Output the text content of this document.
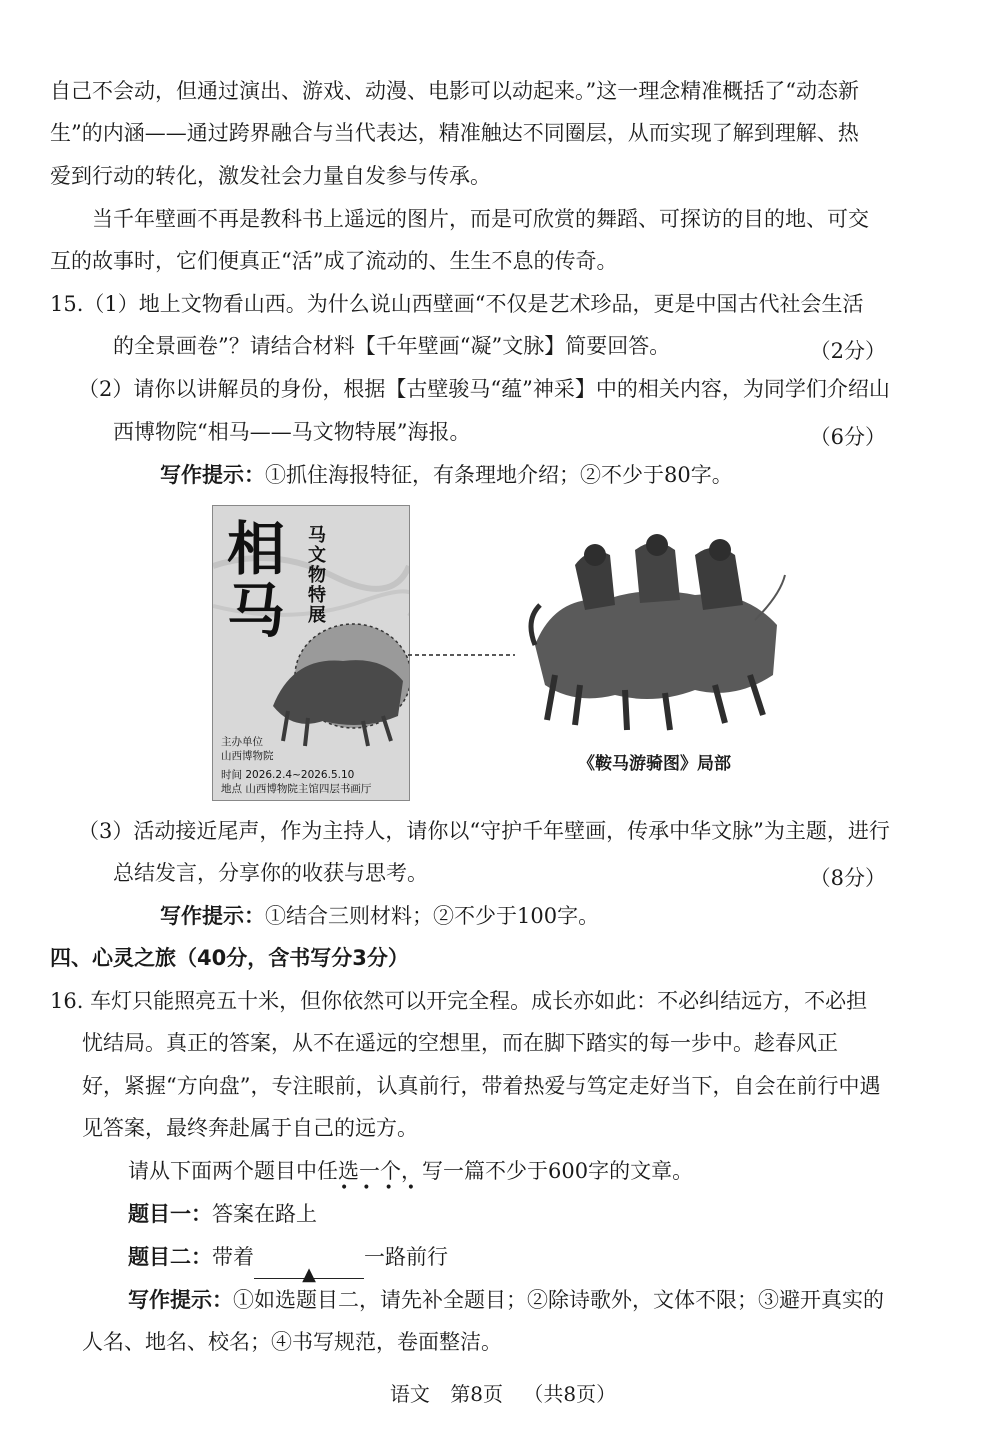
自己不会动，但通过演出、游戏、动漫、电影可以动起来。”这一理念精准概括了“动态新

生”的内涵——通过跨界融合与当代表达，精准触达不同圈层，从而实现了解到理解、热

爱到行动的转化，激发社会力量自发参与传承。

当千年壁画不再是教科书上遥远的图片，而是可欣赏的舞蹈、可探访的目的地、可交

互的故事时，它们便真正“活”成了流动的、生生不息的传奇。

15.（1）地上文物看山西。为什么说山西壁画“不仅是艺术珍品，更是中国古代社会生活

的全景画卷”？请结合材料【千年壁画“凝”文脉】简要回答。	（2分）

（2）请你以讲解员的身份，根据【古壁骏马“蕴”神采】中的相关内容，为同学们介绍山

西博物院“相马——马文物特展”海报。	（6分）

写作提示：①抓住海报特征，有条理地介绍；②不少于80字。

相马
马文物特展
主办单位
山西博物院
时间 2026.2.4~2026.5.10
地点 山西博物院主馆四层书画厅
《鞍马游骑图》局部

（3）活动接近尾声，作为主持人，请你以“守护千年壁画，传承中华文脉”为主题，进行

总结发言，分享你的收获与思考。	（8分）

写作提示：①结合三则材料；②不少于100字。

四、心灵之旅（40分，含书写分3分）

16. 车灯只能照亮五十米，但你依然可以开完全程。成长亦如此：不必纠结远方，不必担

忧结局。真正的答案，从不在遥远的空想里，而在脚下踏实的每一步中。趁春风正

好，紧握“方向盘”，专注眼前，认真前行，带着热爱与笃定走好当下，自会在前行中遇

见答案，最终奔赴属于自己的远方。

请从下面两个题目中任选一个，写一篇不少于600字的文章。

••••

题目一：答案在路上

题目二：带着▲一路前行

写作提示：①如选题目二，请先补全题目；②除诗歌外，文体不限；③避开真实的

人名、地名、校名；④书写规范，卷面整洁。

语文 第8页 （共8页）
